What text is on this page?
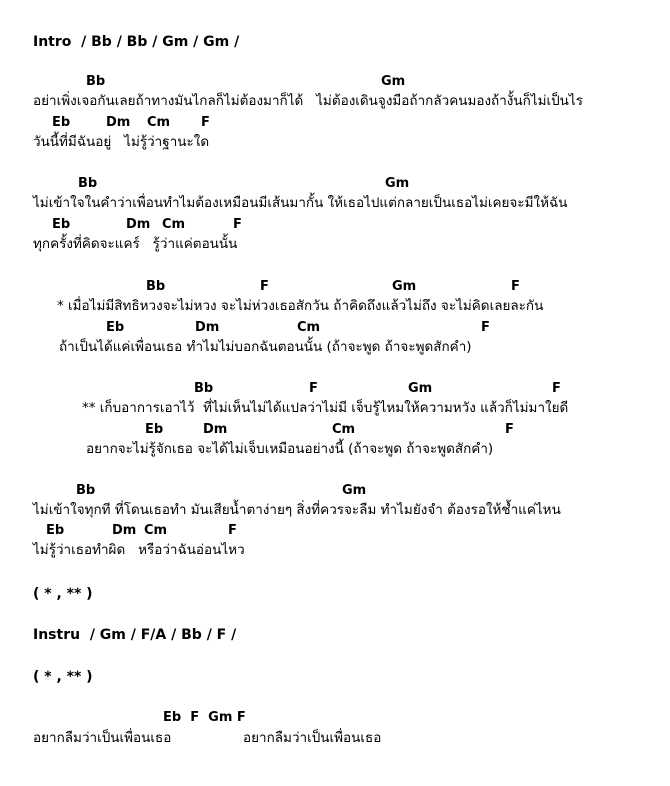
Intro  / Bb / Bb / Gm / Gm /
Bb	Gm
อย่าเพิ่งเจอกันเลยถ้าทางมันไกลก็ไม่ต้องมาก็ได้   ไม่ต้องเดินจูงมือถ้ากลัวคนมองถ้างั้นก็ไม่เป็นไร
Eb	Dm Cm F
วันนี้ที่มีฉันอยู่   ไม่รู้ว่าฐานะใด
Bb	Gm
ไม่เข้าใจในคำว่าเพื่อนทำไมต้องเหมือนมีเส้นมากั้น ให้เธอไปแต่กลายเป็นเธอไม่เคยจะมีให้ฉัน
Eb	Dm Cm	F
ทุกครั้งที่คิดจะแคร์   รู้ว่าแค่ตอนนั้น
Bb	F	Gm	F
* เมื่อไม่มีสิทธิหวงจะไม่หวง จะไม่ห่วงเธอสักวัน ถ้าคิดถึงแล้วไม่ถึง จะไม่คิดเลยละกัน
Eb	Dm	Cm	F
ถ้าเป็นได้แค่เพื่อนเธอ ทำไมไม่บอกฉันตอนนั้น (ถ้าจะพูด ถ้าจะพูดสักคำ)
Bb	F	Gm	F
** เก็บอาการเอาไว้  ที่ไม่เห็นไม่ได้แปลว่าไม่มี เจ็บรู้ไหมให้ความหวัง แล้วก็ไม่มาใยดี
Eb	Dm	Cm	F
อยากจะไม่รู้จักเธอ จะได้ไม่เจ็บเหมือนอย่างนี้ (ถ้าจะพูด ถ้าจะพูดสักคำ)
Bb	Gm
ไม่เข้าใจทุกที ที่โดนเธอทำ มันเสียน้ำตาง่ายๆ สิ่งที่ควรจะลืม ทำไมยังจำ ต้องรอให้ช้ำแค่ไหน
Eb	Dm Cm	F
ไม่รู้ว่าเธอทำผิด   หรือว่าฉันอ่อนไหว
( * , ** )
Instru  / Gm / F/A / Bb / F /
( * , ** )
Eb  F  Gm F
อยากลืมว่าเป็นเพื่อนเธอ	อยากลืมว่าเป็นเพื่อนเธอ
